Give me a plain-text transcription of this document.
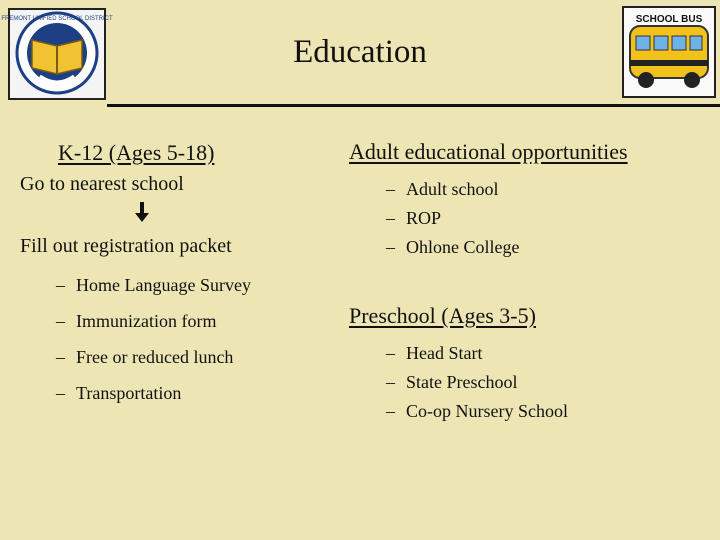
FREMONT UNIFIED SCHOOL DISTRICT
Education
SCHOOL BUS
K-12 (Ages 5-18)
Go to nearest school
Fill out registration packet
– Home Language Survey
– Immunization form
– Free or reduced lunch
– Transportation
Adult educational opportunities
– Adult school
– ROP
– Ohlone College
Preschool (Ages 3-5)
– Head Start
– State Preschool
– Co-op Nursery School
